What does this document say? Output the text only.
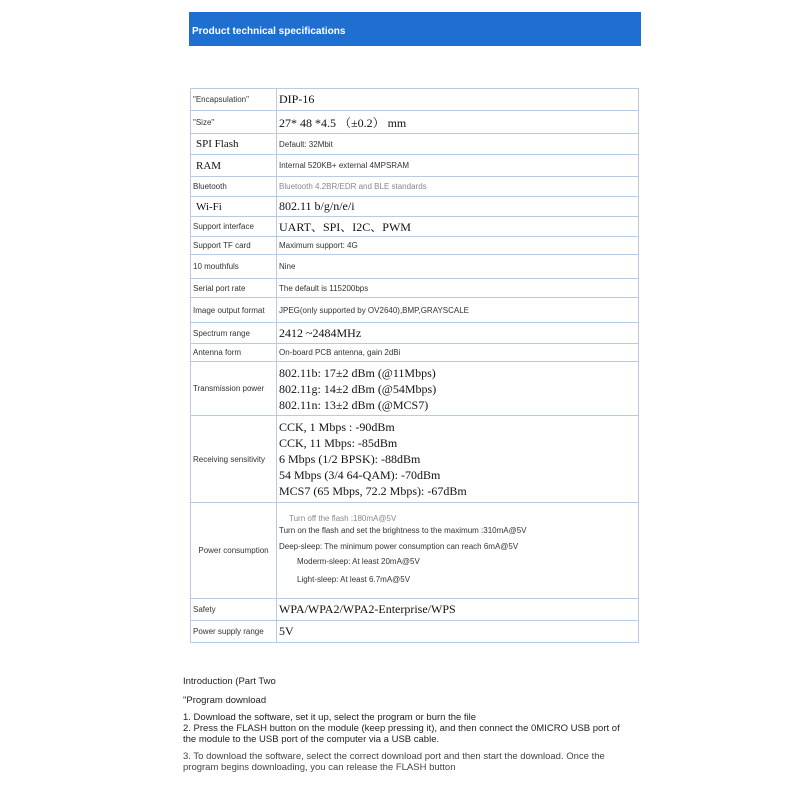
Product technical specifications
"Encapsulation"	DIP-16
"Size"	27* 48 *4.5 （±0.2） mm
SPI Flash	Default: 32Mbit
RAM	Internal 520KB+ external 4MPSRAM
Bluetooth	Bluetooth 4.2BR/EDR and BLE standards
Wi-Fi	802.11 b/g/n/e/i
Support interface	UART、SPI、I2C、PWM
Support TF card	Maximum support: 4G
10 mouthfuls	Nine
Serial port rate	The default is 115200bps
Image output format	JPEG(only supported by OV2640),BMP,GRAYSCALE
Spectrum range	2412 ~2484MHz
Antenna form	On-board PCB antenna, gain 2dBi
Transmission power	802.11b: 17±2 dBm (@11Mbps)
802.11g: 14±2 dBm (@54Mbps)
802.11n: 13±2 dBm (@MCS7)

Receiving sensitivity	CCK, 1 Mbps : -90dBm
CCK, 11 Mbps: -85dBm
6 Mbps (1/2 BPSK): -88dBm
54 Mbps (3/4 64-QAM): -70dBm
MCS7 (65 Mbps, 72.2 Mbps): -67dBm

Power consumption	Turn off the flash :180mA@5V
Turn on the flash and set the brightness to the maximum :310mA@5V
Deep-sleep: The minimum power consumption can reach 6mA@5V
Moderm-sleep: At least 20mA@5V
Light-sleep: At least 6.7mA@5V

Safety	WPA/WPA2/WPA2-Enterprise/WPS
Power supply range	5V
Introduction (Part Two
"Program download

1. Download the software, set it up, select the program or burn the file

2. Press the FLASH button on the module (keep pressing it), and then connect the 0MICRO USB port of the module to the USB port of the computer via a USB cable.

3. To download the software, select the correct download port and then start the download. Once the program begins downloading, you can release the FLASH button
